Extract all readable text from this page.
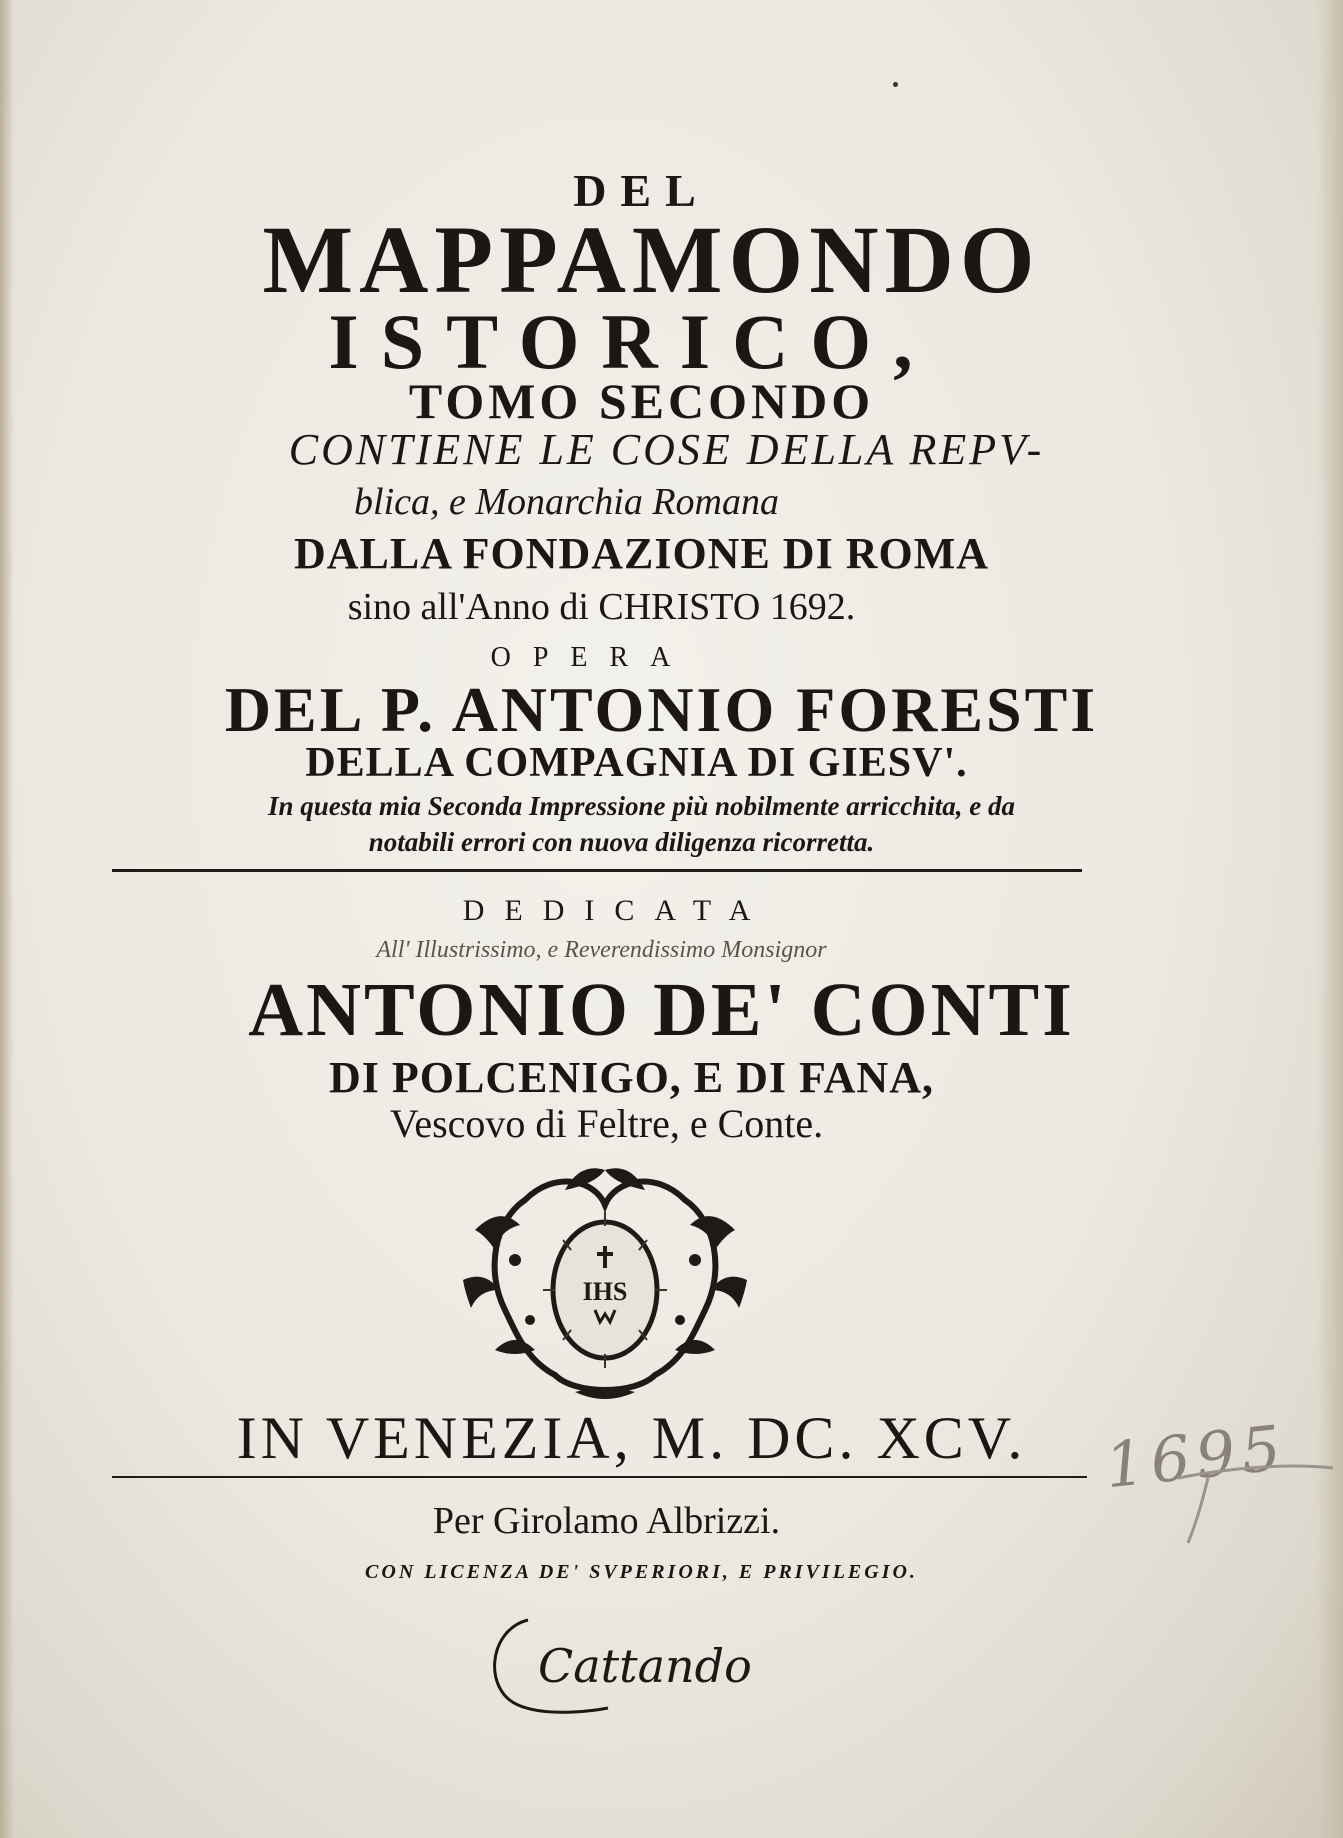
DEL
MAPPAMONDO
ISTORICO,
TOMO SECONDO
CONTIENE LE COSE DELLA REPV-
blica, e Monarchia Romana
DALLA FONDAZIONE DI ROMA
sino all'Anno di CHRISTO 1692.
OPERA
DEL P. ANTONIO FORESTI
DELLA COMPAGNIA DI GIESV'.
In questa mia Seconda Impressione più nobilmente arricchita, e da
notabili errori con nuova diligenza ricorretta.
DEDICATA
All' Illustrissimo, e Reverendissimo Monsignor
ANTONIO DE' CONTI
DI POLCENIGO, E DI FANA,
Vescovo di Feltre, e Conte.
IHS
IN VENEZIA, M. DC. XCV.
Per Girolamo Albrizzi.
CON LICENZA DE' SVPERIORI, E PRIVILEGIO.
1695
Cattando
